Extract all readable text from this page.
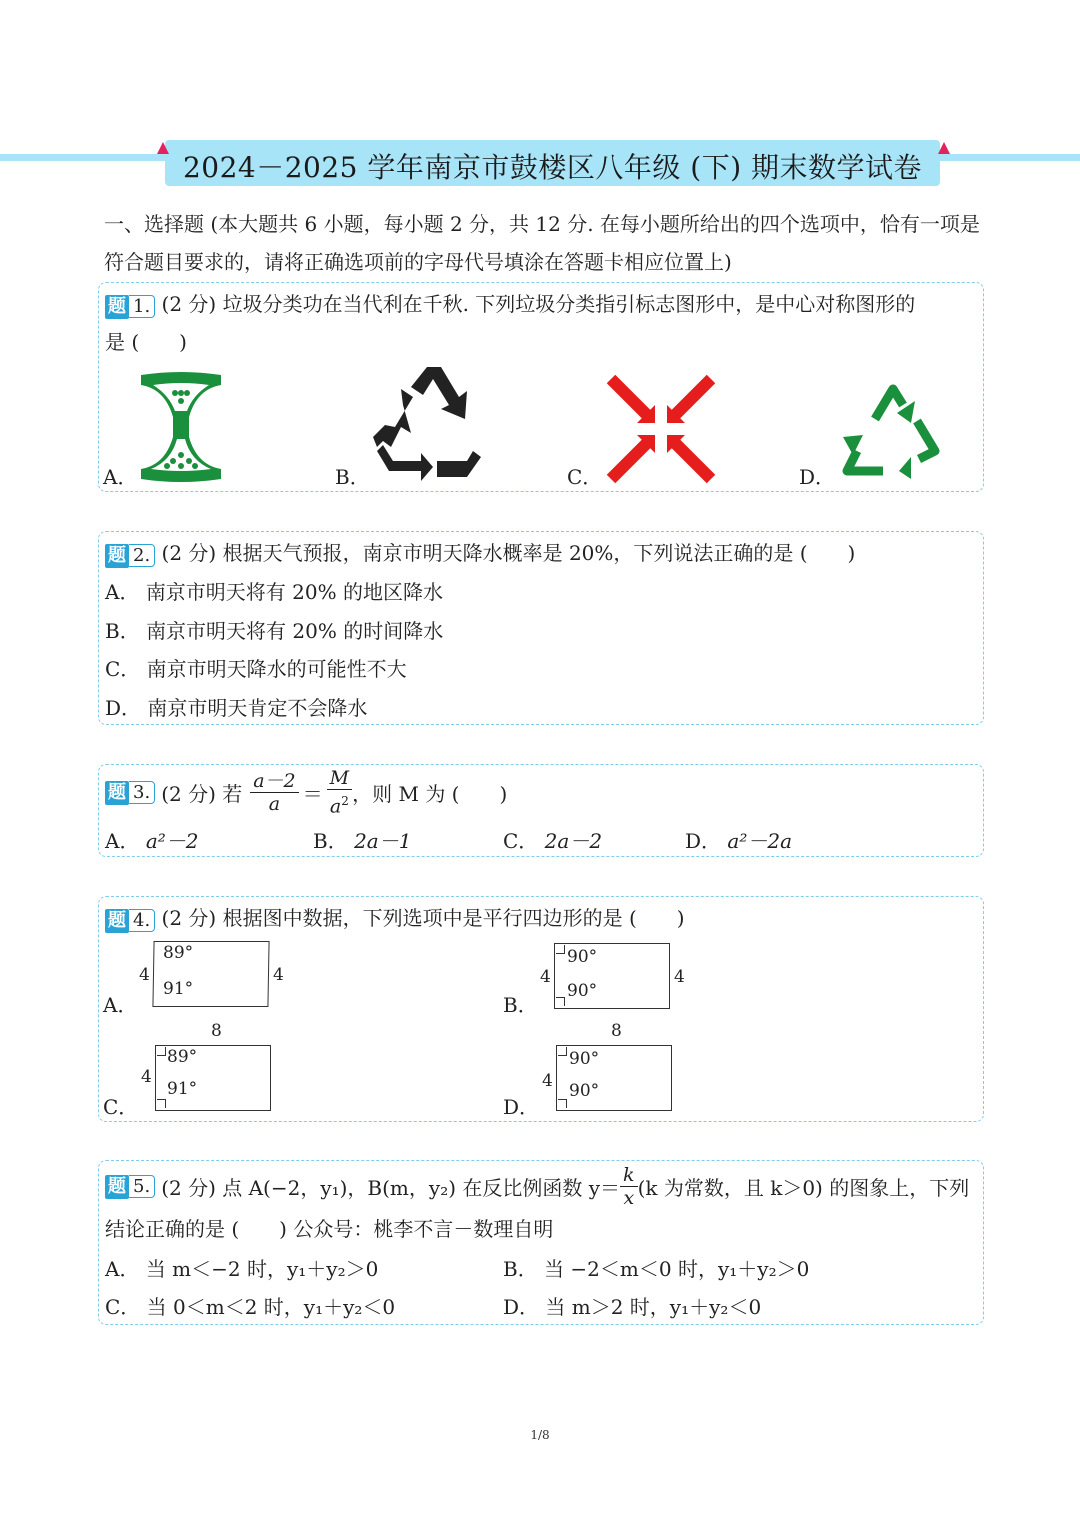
2024－2025 学年南京市鼓楼区八年级 (下) 期末数学试卷
一、选择题 (本大题共 6 小题，每小题 2 分，共 12 分. 在每小题所给出的四个选项中，恰有一项是
符合题目要求的，请将正确选项前的字母代号填涂在答题卡相应位置上)
题 1. (2 分) 垃圾分类功在当代利在千秋. 下列垃圾分类指引标志图形中，是中心对称图形的
是 (　　)
A．	B．	C．	D．
题 2. (2 分) 根据天气预报，南京市明天降水概率是 20%，下列说法正确的是 (　　)
A． 南京市明天将有 20% 的地区降水
B． 南京市明天将有 20% 的时间降水
C． 南京市明天降水的可能性不大
D． 南京市明天肯定不会降水
题 3. (2 分) 若 $\frac{a-2}{a} = \frac{M}{a^2}$ ，则 M 为 (　　)
A． a²－2	B． 2a－1	C． 2a－2	D． a²－2a
题 4. (2 分) 根据图中数据，下列选项中是平行四边形的是 (　　)
A．
89°
91°
4	4
B．
90°
90°
4	4
8
C．
89°
91°
4
8
D．
90°
90°
4
题 5. (2 分) 点 A(−2，y₁)，B(m，y₂) 在反比例函数 $y= \frac{k}{x} (k$ 为常数，且 k＞0) 的图象上，下列
结论正确的是 (　　) 公众号：桃李不言－数理自明
A． 当 m＜−2 时，y₁＋y₂＞0	B． 当 −2＜m＜0 时，y₁＋y₂＞0
C． 当 0＜m＜2 时，y₁＋y₂＜0	D． 当 m＞2 时，y₁＋y₂＜0
1/8
